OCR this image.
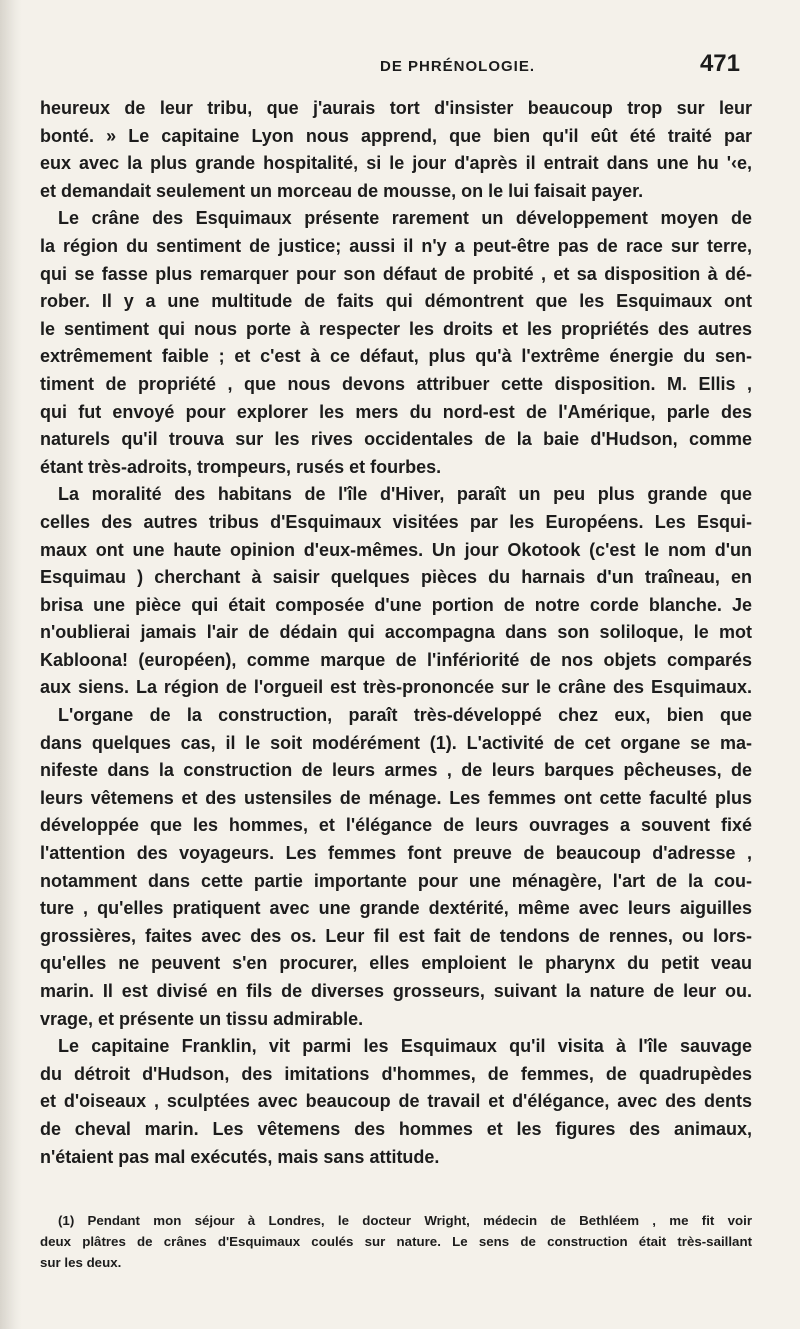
DE PHRÉNOLOGIE.	471
heureux de leur tribu, que j'aurais tort d'insister beaucoup trop sur leur
bonté. » Le capitaine Lyon nous apprend, que bien qu'il eût été traité par
eux avec la plus grande hospitalité, si le jour d'après il entrait dans une hu '‹e,
et demandait seulement un morceau de mousse, on le lui faisait payer.
Le crâne des Esquimaux présente rarement un développement moyen de
la région du sentiment de justice; aussi il n'y a peut-être pas de race sur terre,
qui se fasse plus remarquer pour son défaut de probité , et sa disposition à dé-
rober. Il y a une multitude de faits qui démontrent que les Esquimaux ont
le sentiment qui nous porte à respecter les droits et les propriétés des autres
extrêmement faible ; et c'est à ce défaut, plus qu'à l'extrême énergie du sen-
timent de propriété , que nous devons attribuer cette disposition. M. Ellis ,
qui fut envoyé pour explorer les mers du nord-est de l'Amérique, parle des
naturels qu'il trouva sur les rives occidentales de la baie d'Hudson, comme
étant très-adroits, trompeurs, rusés et fourbes.
La moralité des habitans de l'île d'Hiver, paraît un peu plus grande que
celles des autres tribus d'Esquimaux visitées par les Européens. Les Esqui-
maux ont une haute opinion d'eux-mêmes. Un jour Okotook (c'est le nom d'un
Esquimau ) cherchant à saisir quelques pièces du harnais d'un traîneau, en
brisa une pièce qui était composée d'une portion de notre corde blanche. Je
n'oublierai jamais l'air de dédain qui accompagna dans son soliloque, le mot
Kabloona! (européen), comme marque de l'infériorité de nos objets comparés
aux siens. La région de l'orgueil est très-prononcée sur le crâne des Esquimaux.
L'organe de la construction, paraît très-développé chez eux, bien que
dans quelques cas, il le soit modérément (1). L'activité de cet organe se ma-
nifeste dans la construction de leurs armes , de leurs barques pêcheuses, de
leurs vêtemens et des ustensiles de ménage. Les femmes ont cette faculté plus
développée que les hommes, et l'élégance de leurs ouvrages a souvent fixé
l'attention des voyageurs. Les femmes font preuve de beaucoup d'adresse ,
notamment dans cette partie importante pour une ménagère, l'art de la cou-
ture , qu'elles pratiquent avec une grande dextérité, même avec leurs aiguilles
grossières, faites avec des os. Leur fil est fait de tendons de rennes, ou lors-
qu'elles ne peuvent s'en procurer, elles emploient le pharynx du petit veau
marin. Il est divisé en fils de diverses grosseurs, suivant la nature de leur ou.
vrage, et présente un tissu admirable.
Le capitaine Franklin, vit parmi les Esquimaux qu'il visita à l'île sauvage
du détroit d'Hudson, des imitations d'hommes, de femmes, de quadrupèdes
et d'oiseaux , sculptées avec beaucoup de travail et d'élégance, avec des dents
de cheval marin. Les vêtemens des hommes et les figures des animaux,
n'étaient pas mal exécutés, mais sans attitude.
(1) Pendant mon séjour à Londres, le docteur Wright, médecin de Bethléem , me fit voir
deux plâtres de crânes d'Esquimaux coulés sur nature. Le sens de construction était très-saillant
sur les deux.
